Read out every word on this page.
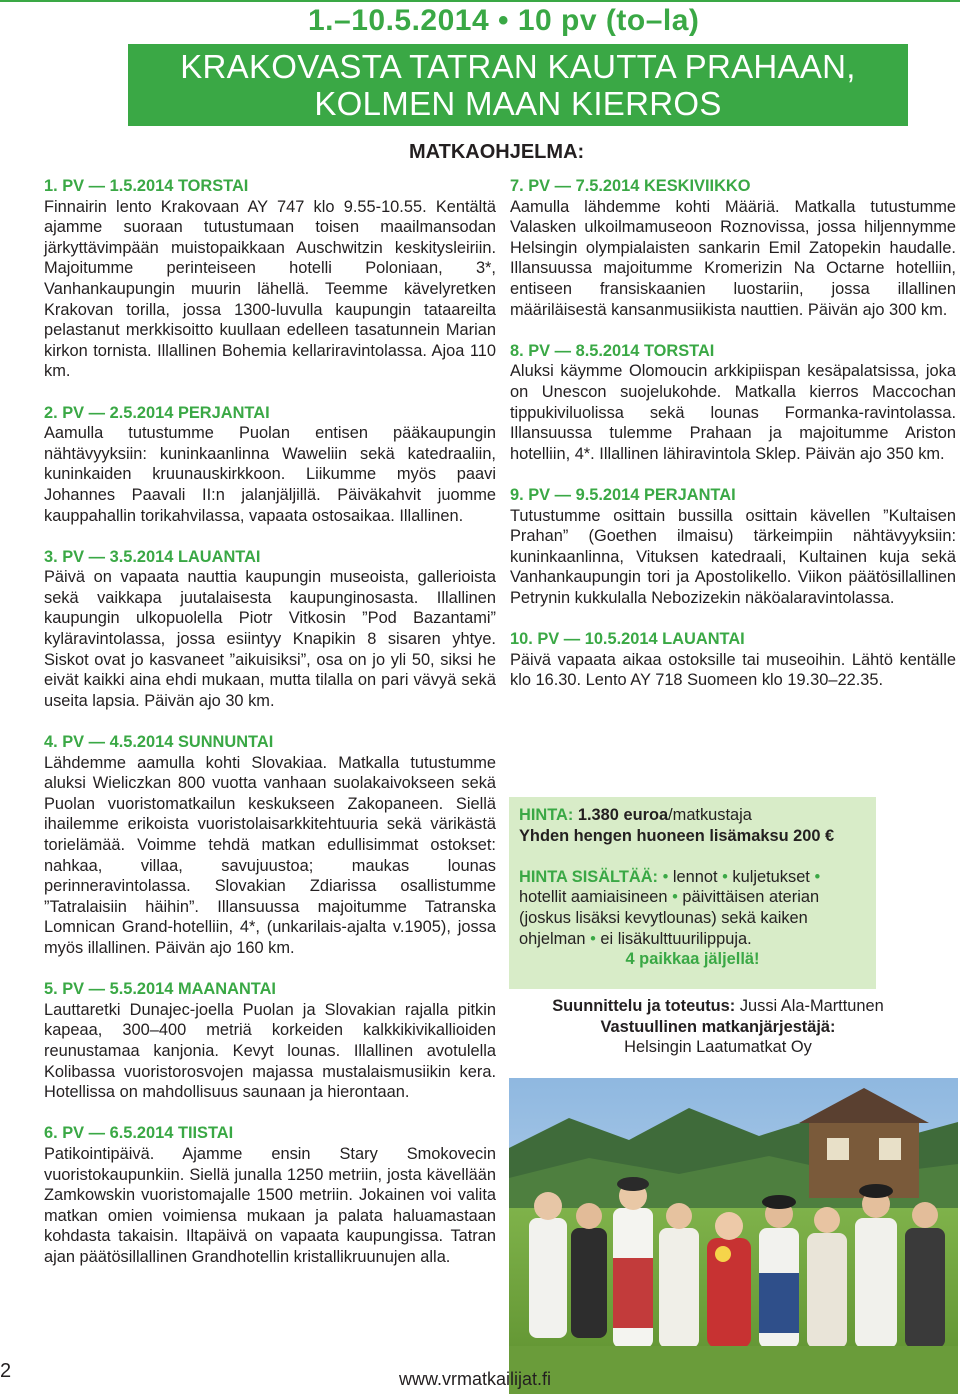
1.–10.5.2014 • 10 pv (to–la)
KRAKOVASTA TATRAN KAUTTA PRAHAAN,
KOLMEN MAAN KIERROS
MATKAOHJELMA:
1. PV — 1.5.2014 TORSTAI

Finnairin lento Krakovaan AY 747 klo 9.55-10.55. Kentältä ajamme suoraan tutustumaan toisen maailmansodan järkyttävimpään muistopaikkaan Auschwitzin keskitysleiriin. Majoitumme perinteiseen hotelli Poloniaan, 3*, Vanhankaupungin muurin lähellä. Teemme kävelyretken Krakovan torilla, jossa 1300-luvulla kaupungin tataareilta pelastanut merkkisoitto kuullaan edelleen tasatunnein Marian kirkon tornista. Illallinen Bohemia kellariravintolassa. Ajoa 110 km.

2. PV — 2.5.2014 PERJANTAI

Aamulla tutustumme Puolan entisen pääkaupungin nähtävyyksiin: kuninkaanlinna Waweliin sekä katedraaliin, kuninkaiden kruunauskirkkoon. Liikumme myös paavi Johannes Paavali II:n jalanjäljillä. Päiväkahvit juomme kauppahallin torikahvilassa, vapaata ostosaikaa. Illallinen.

3. PV — 3.5.2014 LAUANTAI

Päivä on vapaata nauttia kaupungin museoista, gallerioista sekä vaikkapa juutalaisesta kaupunginosasta. Illallinen kaupungin ulkopuolella Piotr Vitkosin ”Pod Bazantami” kyläravintolassa, jossa esiintyy Knapikin 8 sisaren yhtye. Siskot ovat jo kasvaneet ”aikuisiksi”, osa on jo yli 50, siksi he eivät kaikki aina ehdi mukaan, mutta tilalla on pari vävyä sekä useita lapsia. Päivän ajo 30 km.

4. PV — 4.5.2014 SUNNUNTAI

Lähdemme aamulla kohti Slovakiaa. Matkalla tutustumme aluksi Wieliczkan 800 vuotta vanhaan suolakaivokseen sekä Puolan vuoristomatkailun keskukseen Zakopaneen. Siellä ihailemme erikoista vuoristolaisarkkitehtuuria sekä värikästä torielämää. Voimme tehdä matkan edullisimmat ostokset: nahkaa, villaa, savujuustoa; maukas lounas perinneravintolassa. Slovakian Zdiarissa osallistumme ”Tatralaisiin häihin”. Illansuussa majoitumme Tatranska Lomnican Grand-hotelliin, 4*, (unkarilais-ajalta v.1905), jossa myös illallinen. Päivän ajo 160 km.

5. PV — 5.5.2014 MAANANTAI

Lauttaretki Dunajec-joella Puolan ja Slovakian rajalla pitkin kapeaa, 300–400 metriä korkeiden kalkkikivikallioiden reunustamaa kanjonia. Kevyt lounas. Illallinen avotulella Kolibassa vuoristorosvojen majassa mustalaismusiikin kera. Hotellissa on mahdollisuus saunaan ja hierontaan.

6. PV — 6.5.2014 TIISTAI

Patikointipäivä. Ajamme ensin Stary Smokovecin vuoristokaupunkiin. Siellä junalla 1250 metriin, josta kävellään Zamkowskin vuoristomajalle 1500 metriin. Jokainen voi valita matkan omien voimiensa mukaan ja palata haluamastaan kohdasta takaisin. Iltapäivä on vapaata kaupungissa. Tatran ajan päätösillallinen Grandhotellin kristallikruunujen alla.

7. PV — 7.5.2014 KESKIVIIKKO

Aamulla lähdemme kohti Määriä. Matkalla tutustumme Valasken ulkoilmamuseoon Roznovissa, jossa hiljennymme Helsingin olympialaisten sankarin Emil Zatopekin haudalle. Illansuussa majoitumme Kromerizin Na Octarne hotelliin, entiseen fransiskaanien luostariin, jossa illallinen määriläisestä kansanmusiikista nauttien. Päivän ajo 300 km.

8. PV — 8.5.2014 TORSTAI

Aluksi käymme Olomoucin arkkipiispan kesäpalatsissa, joka on Unescon suojelukohde. Matkalla kierros Maccochan tippukiviluolissa sekä lounas Formanka-ravintolassa. Illansuussa tulemme Prahaan ja majoitumme Ariston hotelliin, 4*. Illallinen lähiravintola Sklep. Päivän ajo 350 km.

9. PV — 9.5.2014 PERJANTAI

Tutustumme osittain bussilla osittain kävellen ”Kultaisen Prahan” (Goethen ilmaisu) tärkeimpiin nähtävyyksiin: kuninkaanlinna, Vituksen katedraali, Kultainen kuja sekä Vanhankaupungin tori ja Apostolikello. Viikon päätösillallinen Petrynin kukkulalla Nebozizekin näköalaravintolassa.

10. PV — 10.5.2014 LAUANTAI

Päivä vapaata aikaa ostoksille tai museoihin. Lähtö kentälle klo 16.30. Lento AY 718 Suomeen klo 19.30–22.35.

HINTA: 1.380 euroa/matkustaja

Yhden hengen huoneen lisämaksu 200 €

HINTA SISÄLTÄÄ: • lennot • kuljetukset • hotellit aamiaisineen • päivittäisen aterian (joskus lisäksi kevytlounas) sekä kaiken ohjelman • ei lisäkulttuurilippuja.

4 paikkaa jäljellä!

Suunnittelu ja toteutus: Jussi Ala-Marttunen
Vastuullinen matkanjärjestäjä:
Helsingin Laatumatkat Oy
2	www.vrmatkailijat.fi
